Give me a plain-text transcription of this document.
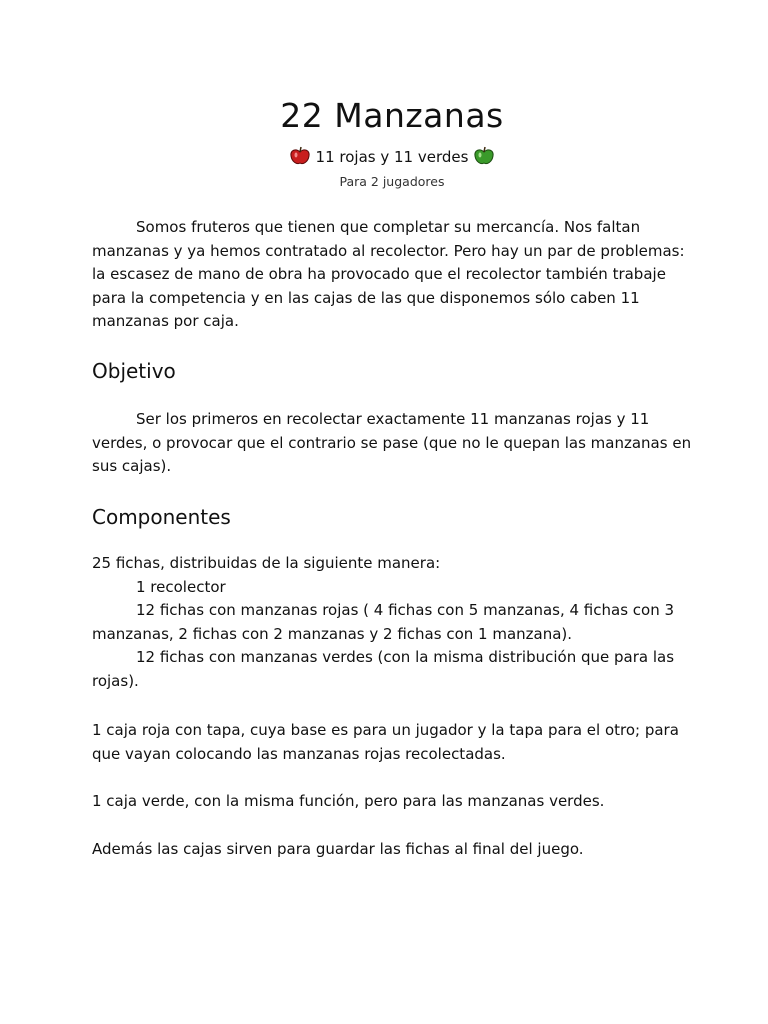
22 Manzanas
11 rojas y 11 verdes
Para 2 jugadores

Somos fruteros que tienen que completar su mercancía. Nos faltan manzanas y ya hemos contratado al recolector. Pero hay un par de problemas: la escasez de mano de obra ha provocado que el recolector también trabaje para la competencia y en las cajas de las que disponemos sólo caben 11 manzanas por caja.

Objetivo

Ser los primeros en recolectar exactamente 11 manzanas rojas y 11 verdes, o provocar que el contrario se pase (que no le quepan las manzanas en sus cajas).

Componentes
25 fichas, distribuidas de la siguiente manera:
1 recolector
12 fichas con manzanas rojas ( 4 fichas con 5 manzanas, 4 fichas con 3 manzanas, 2 fichas con 2 manzanas y 2 fichas con 1 manzana).
12 fichas con manzanas verdes (con la misma distribución que para las rojas).

1 caja roja con tapa, cuya base es para un jugador y la tapa para el otro; para que vayan colocando las manzanas rojas recolectadas.

1 caja verde, con la misma función, pero para las manzanas verdes.

Además las cajas sirven para guardar las fichas al final del juego.
